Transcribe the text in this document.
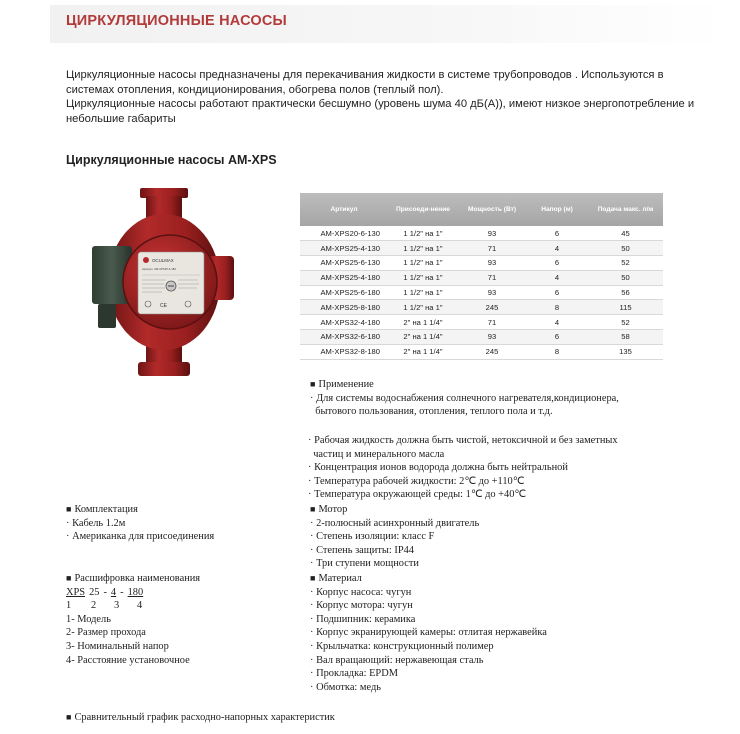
ЦИРКУЛЯЦИОННЫЕ НАСОСЫ

Циркуляционные насосы предназначены для перекачивания жидкости в системе трубопроводов . Используются в системах отопления, кондиционирования, обогрева полов (теплый пол).

Циркуляционные насосы работают практически бесшумно (уровень шума 40 дБ(А)), имеют низкое энергопотребление и небольшие габариты

Циркуляционные насосы AM-XPS
OCULMAX
Артикул: AM-XPS25-6-180
CE
Артикул	Присоеди-нение	Мощность (Вт)	Напор (м)	Подача макс. л/м
AM-XPS20-6-130	1 1/2" на 1"	93	6	45
AM-XPS25-4-130	1 1/2" на 1"	71	4	50
AM-XPS25-6-130	1 1/2" на 1"	93	6	52
AM-XPS25-4-180	1 1/2" на 1"	71	4	50
AM-XPS25-6-180	1 1/2" на 1"	93	6	56
AM-XPS25-8-180	1 1/2" на 1"	245	8	115
AM-XPS32-4-180	2" на 1 1/4"	71	4	52
AM-XPS32-6-180	2" на 1 1/4"	93	6	58
AM-XPS32-8-180	2" на 1 1/4"	245	8	135
■ Применение
· Для системы водоснабжения солнечного нагревателя,кондиционера,
бытового пользования, отопления, теплого пола и т.д.
· Рабочая жидкость должна быть чистой, нетоксичной и без заметных
частиц и минерального масла
· Концентрация ионов водорода должна быть нейтральной
· Температура рабочей жидкости: 2℃ до +110℃
· Температура окружающей среды: 1℃ до +40℃
■ Комплектация
· Кабель 1.2м
· Американка для присоединения
■ Мотор
· 2-полюсный асинхронный двигатель
· Степень изоляции: класс F
· Степень защиты: IP44
· Три ступени мощности
■ Расшифровка наименования
XPS 25 - 4 - 180
1 2 3 4
1- Модель
2- Размер прохода
3- Номинальный напор
4- Расстояние установочное
■ Материал
· Корпус насоса: чугун
· Корпус мотора: чугун
· Подшипник: керамика
· Корпус экранирующей камеры: отлитая нержавейка
· Крыльчатка: конструкционный полимер
· Вал вращающий: нержавеющая сталь
· Прокладка: EPDM
· Обмотка: медь
■ Сравнительный график расходно-напорных характеристик
